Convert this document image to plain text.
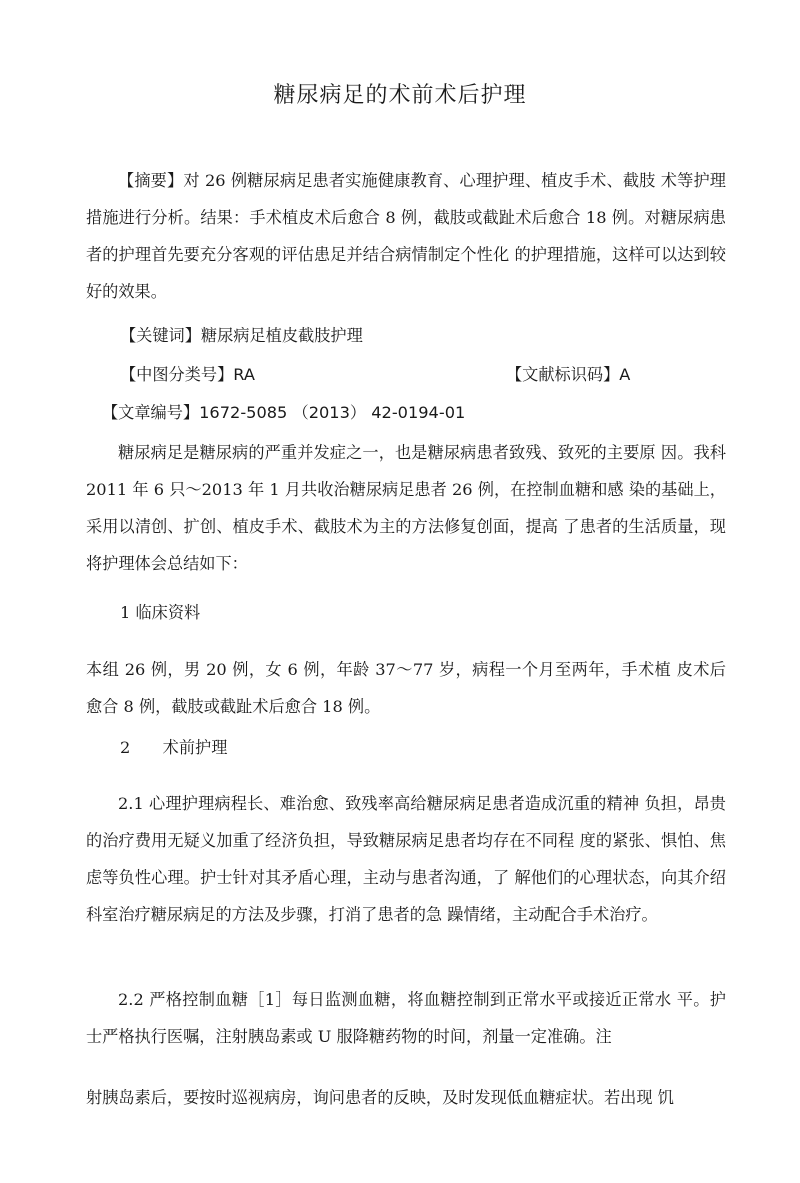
糖尿病足的术前术后护理

【摘要】对 26 例糖尿病足患者实施健康教育、心理护理、植皮手术、截肢 术等护理措施进行分析。结果：手术植皮术后愈合 8 例，截肢或截趾术后愈合 18 例。对糖尿病患者的护理首先要充分客观的评估患足并结合病情制定个性化 的护理措施，这样可以达到较好的效果。

【关键词】糖尿病足植皮截肢护理

【中图分类号】RA	【文献标识码】A

【文章编号】1672-5085 （2013） 42-0194-01

糖尿病足是糖尿病的严重并发症之一，也是糖尿病患者致残、致死的主要原 因。我科 2011 年 6 只～2013 年 1 月共收治糖尿病足患者 26 例，在控制血糖和感 染的基础上，采用以清创、扩创、植皮手术、截肢术为主的方法修复创面，提高 了患者的生活质量，现将护理体会总结如下：

1 临床资料

本组 26 例，男 20 例，女 6 例，年龄 37～77 岁，病程一个月至两年，手术植 皮术后愈合 8 例，截肢或截趾术后愈合 18 例。

2　　术前护理

2.1 心理护理病程长、难治愈、致残率高给糖尿病足患者造成沉重的精神 负担，昂贵的治疗费用无疑义加重了经济负担，导致糖尿病足患者均存在不同程 度的紧张、惧怕、焦虑等负性心理。护士针对其矛盾心理，主动与患者沟通，了 解他们的心理状态，向其介绍科室治疗糖尿病足的方法及步骤，打消了患者的急 躁情绪，主动配合手术治疗。

2.2 严格控制血糖［1］每日监测血糖，将血糖控制到正常水平或接近正常水 平。护士严格执行医嘱，注射胰岛素或 U 服降糖药物的时间，剂量一定准确。注

射胰岛素后，要按时巡视病房，询问患者的反映，及时发现低血糖症状。若出现 饥
